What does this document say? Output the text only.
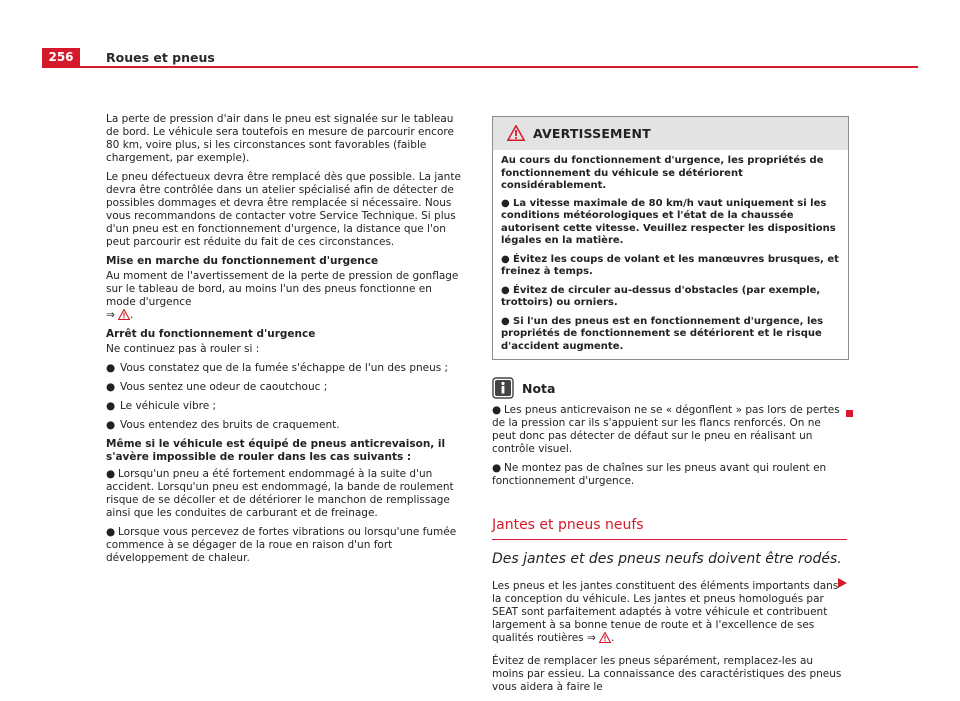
256	Roues et pneus

La perte de pression d'air dans le pneu est signalée sur le tableau de bord. Le véhicule sera toutefois en mesure de parcourir encore 80 km, voire plus, si les circonstances sont favorables (faible chargement, par exemple).

Le pneu défectueux devra être remplacé dès que possible. La jante devra être contrôlée dans un atelier spécialisé afin de détecter de possibles dommages et devra être remplacée si nécessaire. Nous vous recommandons de contacter votre Service Technique. Si plus d'un pneu est en fonctionnement d'urgence, la distance que l'on peut parcourir est réduite du fait de ces circonstances.

Mise en marche du fonctionnement d'urgence

Au moment de l'avertissement de la perte de pression de gonflage sur le tableau de bord, au moins l'un des pneus fonctionne en mode d'urgence
⇒ .

Arrêt du fonctionnement d'urgence

Ne continuez pas à rouler si :

● Vous constatez que de la fumée s'échappe de l'un des pneus ;
● Vous sentez une odeur de caoutchouc ;
● Le véhicule vibre ;
● Vous entendez des bruits de craquement.

Même si le véhicule est équipé de pneus anticrevaison, il s'avère impossible de rouler dans les cas suivants :

● Lorsqu'un pneu a été fortement endommagé à la suite d'un accident. Lorsqu'un pneu est endommagé, la bande de roulement risque de se décoller et de détériorer le manchon de remplissage ainsi que les conduites de carburant et de freinage.
● Lorsque vous percevez de fortes vibrations ou lorsqu'une fumée commence à se dégager de la roue en raison d'un fort développement de chaleur.
AVERTISSEMENT

Au cours du fonctionnement d'urgence, les propriétés de fonctionnement du véhicule se détériorent considérablement.

● La vitesse maximale de 80 km/h vaut uniquement si les conditions météorologiques et l'état de la chaussée autorisent cette vitesse. Veuillez respecter les dispositions légales en la matière.
● Évitez les coups de volant et les manœuvres brusques, et freinez à temps.
● Évitez de circuler au-dessus d'obstacles (par exemple, trottoirs) ou orniers.
● Si l'un des pneus est en fonctionnement d'urgence, les propriétés de fonctionnement se détériorent et le risque d'accident augmente.
Nota
● Les pneus anticrevaison ne se « dégonflent » pas lors de pertes de la pression car ils s'appuient sur les flancs renforcés. On ne peut donc pas détecter de défaut sur le pneu en réalisant un contrôle visuel.
● Ne montez pas de chaînes sur les pneus avant qui roulent en fonctionnement d'urgence.
Jantes et pneus neufs
Des jantes et des pneus neufs doivent être rodés.

Les pneus et les jantes constituent des éléments importants dans la conception du véhicule. Les jantes et pneus homologués par SEAT sont parfaitement adaptés à votre véhicule et contribuent largement à sa bonne tenue de route et à l'excellence de ses qualités routières ⇒ .

Évitez de remplacer les pneus séparément, remplacez-les au moins par essieu. La connaissance des caractéristiques des pneus vous aidera à faire le
